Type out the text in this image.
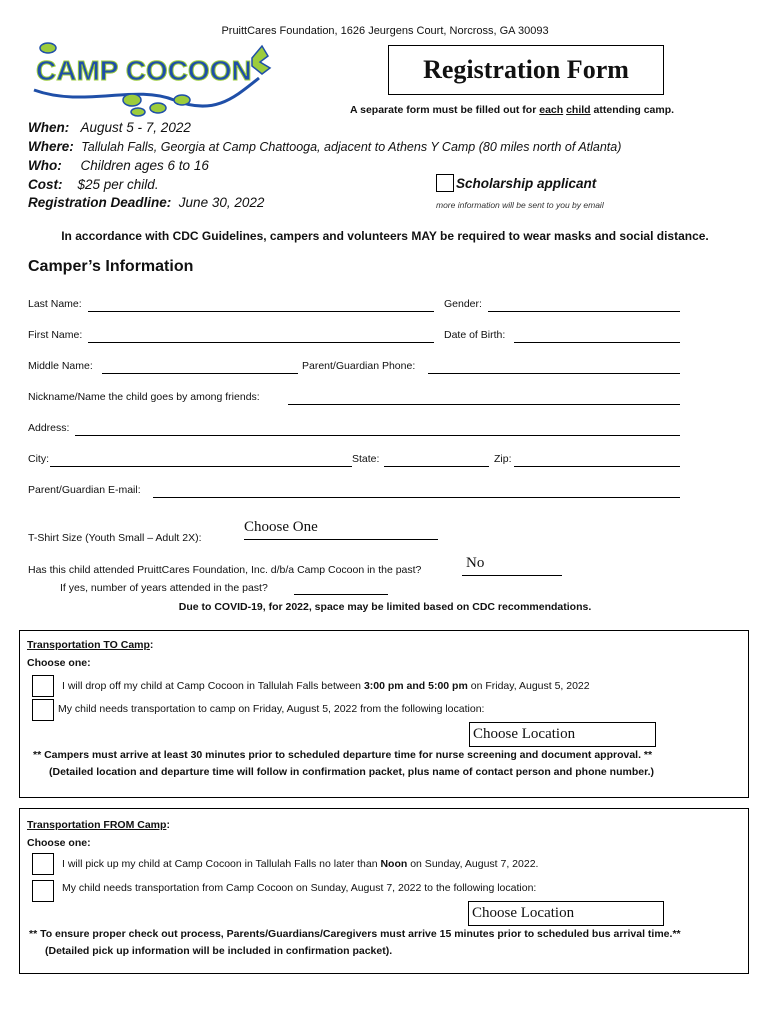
PruittCares Foundation, 1626 Jeurgens Court, Norcross, GA 30093
CAMP COCOON	Registration Form
A separate form must be filled out for each child attending camp.
When: August 5 - 7, 2022
Where: Tallulah Falls, Georgia at Camp Chattooga, adjacent to Athens Y Camp (80 miles north of Atlanta)
Who: Children ages 6 to 16
Cost: $25 per child.
Registration Deadline: June 30, 2022
Scholarship applicant
more information will be sent to you by email
In accordance with CDC Guidelines, campers and volunteers MAY be required to wear masks and social distance.
Camper’s Information
Last Name:	Gender:
First Name:	Date of Birth:
Middle Name:	Parent/Guardian Phone:
Nickname/Name the child goes by among friends:
Address:
City:	State:	Zip:
Parent/Guardian E-mail:
T-Shirt Size (Youth Small – Adult 2X):
Choose One
Has this child attended PruittCares Foundation, Inc. d/b/a Camp Cocoon in the past?	No
If yes, number of years attended in the past?
Due to COVID-19, for 2022, space may be limited based on CDC recommendations.
Transportation TO Camp:
Choose one:
I will drop off my child at Camp Cocoon in Tallulah Falls between 3:00 pm and 5:00 pm on Friday, August 5, 2022
My child needs transportation to camp on Friday, August 5, 2022 from the following location:
Choose Location
** Campers must arrive at least 30 minutes prior to scheduled departure time for nurse screening and document approval. **
(Detailed location and departure time will follow in confirmation packet, plus name of contact person and phone number.)
Transportation FROM Camp:
Choose one:
I will pick up my child at Camp Cocoon in Tallulah Falls no later than Noon on Sunday, August 7, 2022.
My child needs transportation from Camp Cocoon on Sunday, August 7, 2022 to the following location:
Choose Location
** To ensure proper check out process, Parents/Guardians/Caregivers must arrive 15 minutes prior to scheduled bus arrival time.**
(Detailed pick up information will be included in confirmation packet).
